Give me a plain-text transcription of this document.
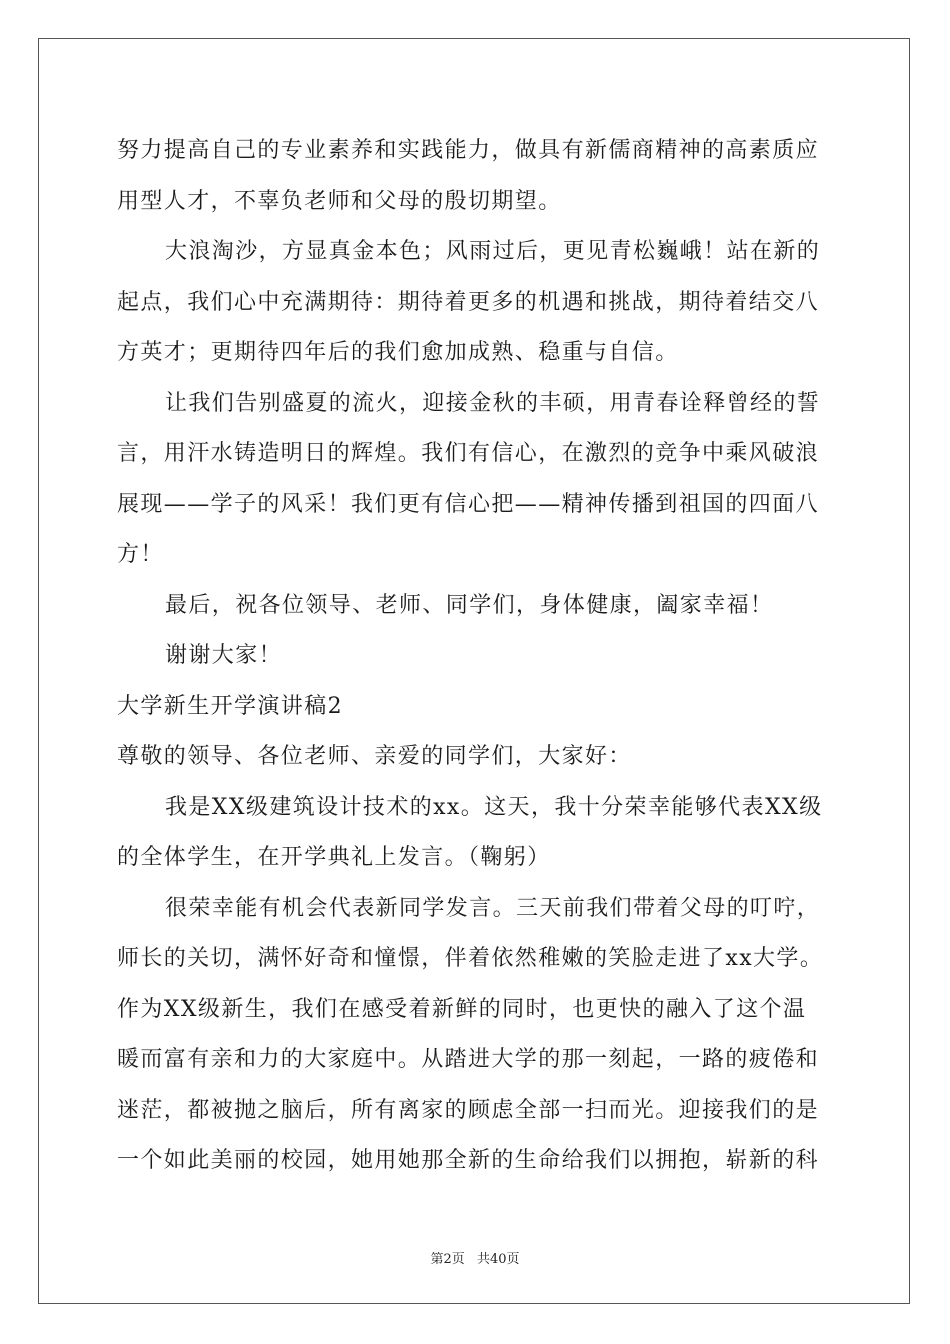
努力提高自己的专业素养和实践能力，做具有新儒商精神的高素质应
用型人才，不辜负老师和父母的殷切期望。
大浪淘沙，方显真金本色；风雨过后，更见青松巍峨！站在新的
起点，我们心中充满期待：期待着更多的机遇和挑战，期待着结交八
方英才；更期待四年后的我们愈加成熟、稳重与自信。
让我们告别盛夏的流火，迎接金秋的丰硕，用青春诠释曾经的誓
言，用汗水铸造明日的辉煌。我们有信心，在激烈的竞争中乘风破浪
展现——学子的风采！我们更有信心把——精神传播到祖国的四面八
方！
最后，祝各位领导、老师、同学们，身体健康，阖家幸福！
谢谢大家！
大学新生开学演讲稿2
尊敬的领导、各位老师、亲爱的同学们，大家好：
我是XX级建筑设计技术的xx。这天，我十分荣幸能够代表XX级
的全体学生，在开学典礼上发言。（鞠躬）
很荣幸能有机会代表新同学发言。三天前我们带着父母的叮咛，
师长的关切，满怀好奇和憧憬，伴着依然稚嫩的笑脸走进了xx大学。
作为XX级新生，我们在感受着新鲜的同时，也更快的融入了这个温
暖而富有亲和力的大家庭中。从踏进大学的那一刻起，一路的疲倦和
迷茫，都被抛之脑后，所有离家的顾虑全部一扫而光。迎接我们的是
一个如此美丽的校园，她用她那全新的生命给我们以拥抱，崭新的科
第2页 共40页
